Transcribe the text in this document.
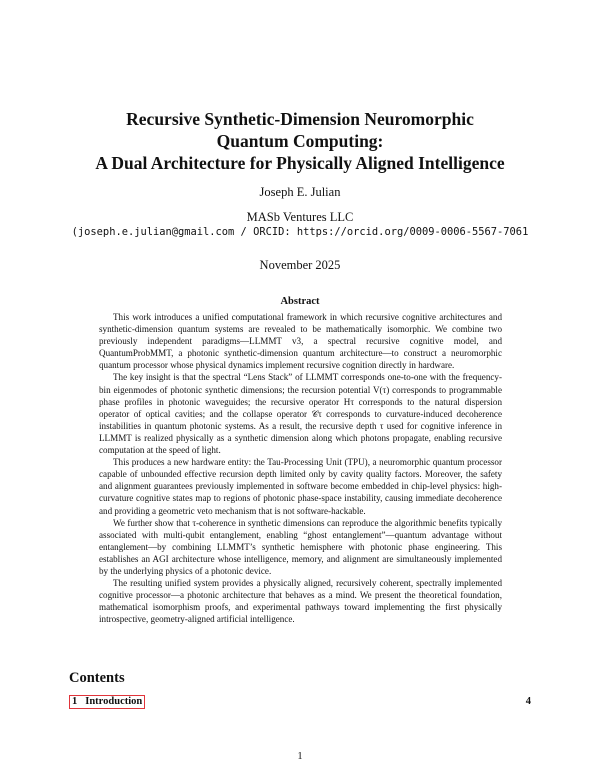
Recursive Synthetic-Dimension Neuromorphic
Quantum Computing:
A Dual Architecture for Physically Aligned Intelligence
Joseph E. Julian
MASb Ventures LLC
(joseph.e.julian@gmail.com / ORCID: https://orcid.org/0009-0006-5567-7061
November 2025
Abstract

This work introduces a unified computational framework in which recursive cognitive architectures and synthetic-dimension quantum systems are revealed to be mathematically isomorphic. We combine two previously independent paradigms—LLMMT v3, a spectral recursive cognitive model, and QuantumProbMMT, a photonic synthetic-dimension quantum architecture—to construct a neuromorphic quantum processor whose physical dynamics implement recursive cognition directly in hardware.

The key insight is that the spectral “Lens Stack” of LLMMT corresponds one-to-one with the frequency-bin eigenmodes of photonic synthetic dimensions; the recursion potential V(τ) corresponds to programmable phase profiles in photonic waveguides; the recursive operator Hτ corresponds to the natural dispersion operator of optical cavities; and the collapse operator 𝒞τ corresponds to curvature-induced decoherence instabilities in quantum photonic systems. As a result, the recursive depth τ used for cognitive inference in LLMMT is realized physically as a synthetic dimension along which photons propagate, enabling recursive computation at the speed of light.

This produces a new hardware entity: the Tau-Processing Unit (TPU), a neuromorphic quantum processor capable of unbounded effective recursion depth limited only by cavity quality factors. Moreover, the safety and alignment guarantees previously implemented in software become embedded in chip-level physics: high-curvature cognitive states map to regions of photonic phase-space instability, causing immediate decoherence and providing a geometric veto mechanism that is not software-hackable.

We further show that τ-coherence in synthetic dimensions can reproduce the algorithmic benefits typically associated with multi-qubit entanglement, enabling “ghost entanglement”—quantum advantage without entanglement—by combining LLMMT’s synthetic hemisphere with photonic phase engineering. This establishes an AGI architecture whose intelligence, memory, and alignment are simultaneously implemented by the underlying physics of a photonic device.

The resulting unified system provides a physically aligned, recursively coherent, spectrally implemented cognitive processor—a photonic architecture that behaves as a mind. We present the theoretical foundation, mathematical isomorphism proofs, and experimental pathways toward implementing the first physically introspective, geometry-aligned artificial intelligence.

Contents
1 Introduction	4
1
